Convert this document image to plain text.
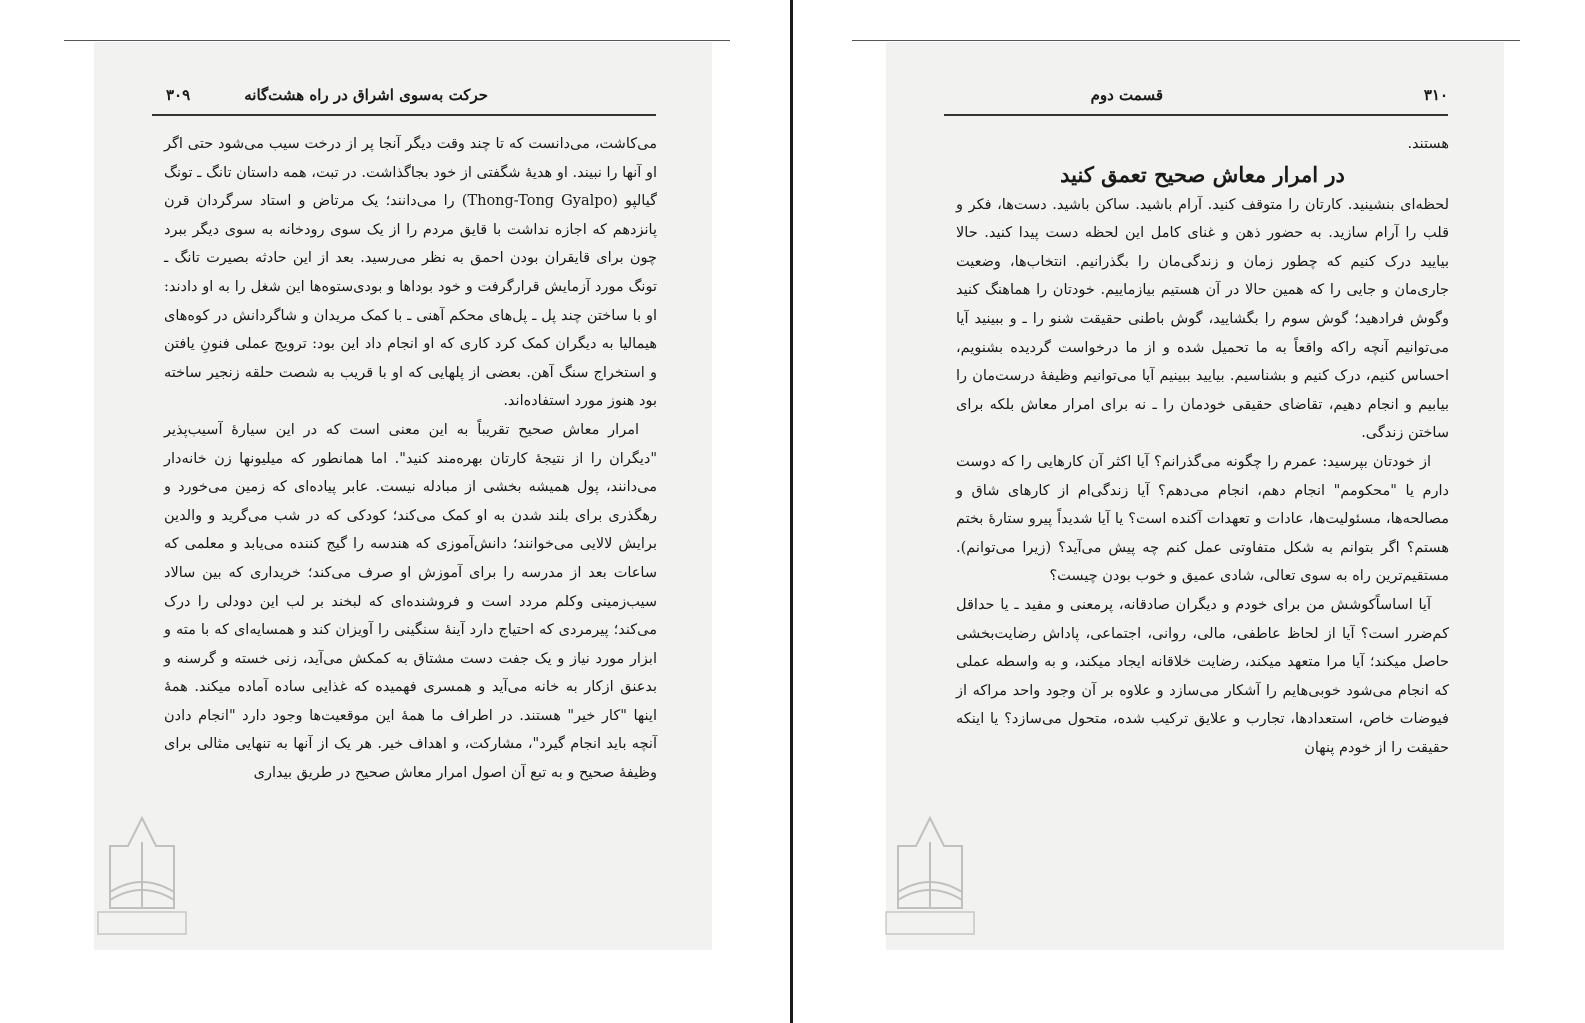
حرکت به‌سوی اشراق در راه هشت‌گانه
۳۰۹

می‌کاشت، می‌دانست که تا چند وقت دیگر آنجا پر از درخت سیب می‌شود حتی اگر او آنها را نبیند. او هدیهٔ شگفتی از خود بجاگذاشت. در تبت، همه داستان تانگ ـ تونگ گیالپو (Thong-Tong Gyalpo) را می‌دانند؛ یک مرتاض و استاد سرگردان قرن پانزدهم که اجازه نداشت با قایق مردم را از یک سوی رودخانه به سوی دیگر ببرد چون برای قایقران بودن احمق به نظر می‌رسید. بعد از این حادثه بصیرت تانگ ـ تونگ مورد آزمایش قرارگرفت و خود بوداها و بودی‌ستوه‌ها این شغل را به او دادند: او با ساختن چند پل ـ پل‌های محکم آهنی ـ با کمک مریدان و شاگردانش در کوه‌های هیمالیا به دیگران کمک کرد کاری که او انجام داد این بود: ترویج عملی فنونِ یافتن و استخراج سنگ آهن. بعضی از پلهایی که او با قریب به شصت حلقه زنجیر ساخته بود هنوز مورد استفاده‌اند.

امرار معاش صحیح تقریباً به این معنی است که در این سیارهٔ آسیب‌پذیر "دیگران را از نتیجهٔ کارتان بهره‌مند کنید". اما همانطور که میلیونها زن خانه‌دار می‌دانند، پول همیشه بخشی از مبادله نیست. عابر پیاده‌ای که زمین می‌خورد و رهگذری برای بلند شدن به او کمک می‌کند؛ کودکی که در شب می‌گرید و والدین برایش لالایی می‌خوانند؛ دانش‌آموزی که هندسه را گیج کننده می‌یابد و معلمی که ساعات بعد از مدرسه را برای آموزش او صرف می‌کند؛ خریداری که بین سالاد سیب‌زمینی وکلم مردد است و فروشنده‌ای که لبخند بر لب این دودلی را درک می‌کند؛ پیرمردی که احتیاج دارد آینهٔ سنگینی را آویزان کند و همسایه‌ای که با مته و ابزار مورد نیاز و یک جفت دست مشتاق به کمکش می‌آید، زنی خسته و گرسنه و بدعنق ازکار به خانه می‌آید و همسری فهمیده که غذایی ساده آماده میکند. همهٔ اینها "کار خیر" هستند. در اطراف ما همهٔ این موقعیت‌ها وجود دارد "انجام دادن آنچه باید انجام گیرد"، مشارکت، و اهداف خیر. هر یک از آنها به تنهایی مثالی برای وظیفهٔ صحیح و به تبع آن اصول امرار معاش صحیح در طریق بیداری

قسمت دوم	۳۱۰

هستند.

در امرار معاش صحیح تعمق کنید

لحظه‌ای بنشینید. کارتان را متوقف کنید. آرام باشید. ساکن باشید. دست‌ها، فکر و قلب را آرام سازید. به حضور ذهن و غنای کامل این لحظه دست پیدا کنید. حالا بیایید درک کنیم که چطور زمان و زندگی‌مان را بگذرانیم. انتخاب‌ها، وضعیت جاری‌مان و جایی را که همین حالا در آن هستیم بیازماییم. خودتان را هماهنگ کنید وگوش فرادهید؛ گوش سوم را بگشایید، گوش باطنی حقیقت شنو را ـ و ببینید آیا می‌توانیم آنچه راکه واقعاً به ما تحمیل شده و از ما درخواست گردیده بشنویم، احساس کنیم، درک کنیم و بشناسیم. بیایید ببینیم آیا می‌توانیم وظیفهٔ درست‌مان را بیابیم و انجام دهیم، تقاضای حقیقی خودمان را ـ نه برای امرار معاش بلکه برای ساختن زندگی.

از خودتان بپرسید: عمرم را چگونه می‌گذرانم؟ آیا اکثر آن کارهایی را که دوست دارم یا "محکومم" انجام دهم، انجام می‌دهم؟ آیا زندگی‌ام از کارهای شاق و مصالحه‌ها، مسئولیت‌ها، عادات و تعهدات آکنده است؟ یا آیا شدیداً پیرو ستارهٔ بختم هستم؟ اگر بتوانم به شکل متفاوتی عمل کنم چه پیش می‌آید؟ (زیرا می‌توانم). مستقیم‌ترین راه به سوی تعالی، شادی عمیق و خوب بودن چیست؟

آیا اساساًکوشش من برای خودم و دیگران صادقانه، پرمعنی و مفید ـ یا حداقل کم‌ضرر است؟ آیا از لحاظ عاطفی، مالی، روانی، اجتماعی، پاداش رضایت‌بخشی حاصل میکند؛ آیا مرا متعهد میکند، رضایت خلاقانه ایجاد میکند، و به واسطه عملی که انجام می‌شود خوبی‌هایم را آشکار می‌سازد و علاوه بر آن وجود واحد مراکه از فیوضات خاص، استعدادها، تجارب و علایق ترکیب شده، متحول می‌سازد؟ یا اینکه حقیقت را از خودم پنهان
